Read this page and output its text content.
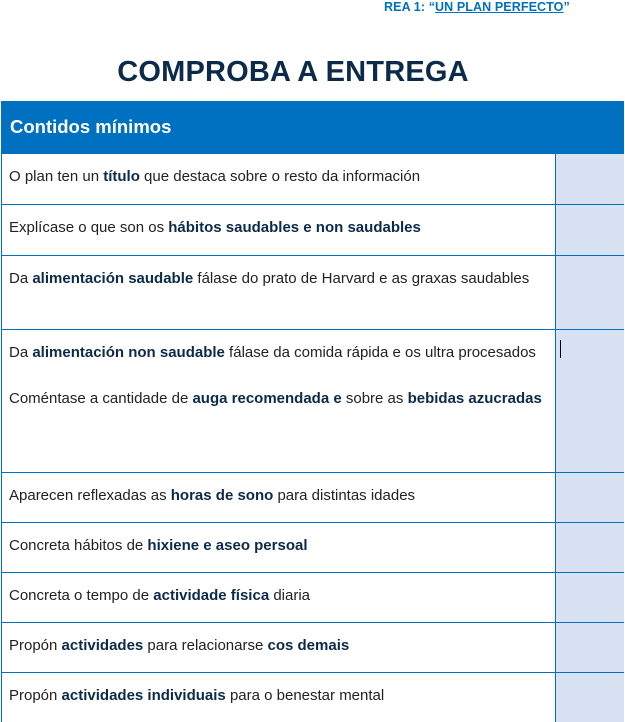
REA 1: “UN PLAN PERFECTO”
COMPROBA A ENTREGA
Contidos mínimos

O plan ten un título que destaca sobre o resto da información

Explícase o que son os hábitos saudables e non saudables

Da alimentación saudable fálase do prato de Harvard e as graxas saudables

Da alimentación non saudable fálase da comida rápida e os ultra procesados

Coméntase a cantidade de auga recomendada e sobre as bebidas azucradas

Aparecen reflexadas as horas de sono para distintas idades

Concreta hábitos de hixiene e aseo persoal

Concreta o tempo de actividade física diaria

Propón actividades para relacionarse cos demais

Propón actividades individuais para o benestar mental
